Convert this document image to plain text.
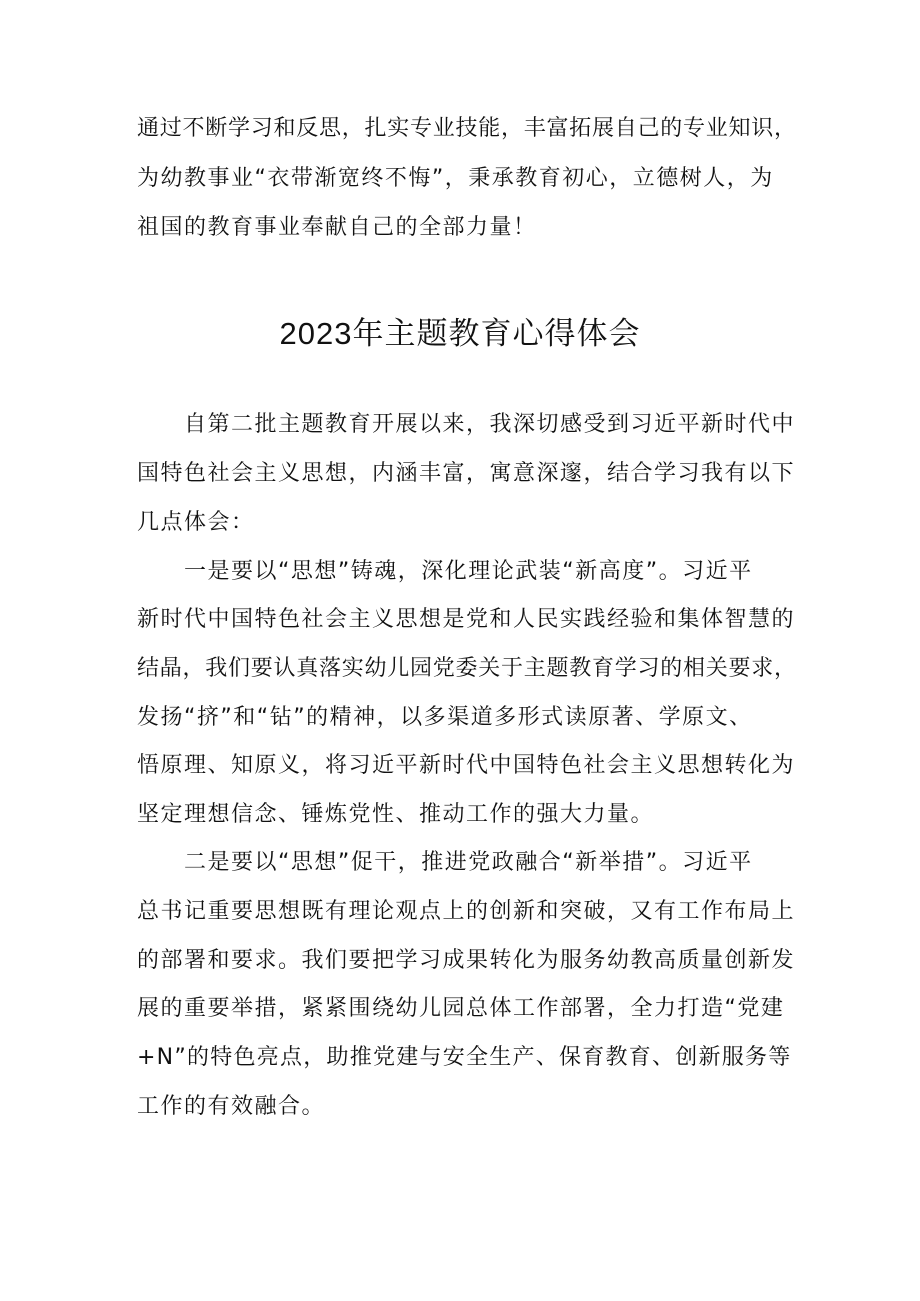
通过不断学习和反思，扎实专业技能，丰富拓展自己的专业知识，
为幼教事业“衣带渐宽终不悔”，秉承教育初心，立德树人，为
祖国的教育事业奉献自己的全部力量！
2023年主题教育心得体会
　　自第二批主题教育开展以来，我深切感受到习近平新时代中
国特色社会主义思想，内涵丰富，寓意深邃，结合学习我有以下
几点体会：
　　一是要以“思想”铸魂，深化理论武装“新高度”。习近平
新时代中国特色社会主义思想是党和人民实践经验和集体智慧的
结晶，我们要认真落实幼儿园党委关于主题教育学习的相关要求，
发扬“挤”和“钻”的精神，以多渠道多形式读原著、学原文、
悟原理、知原义，将习近平新时代中国特色社会主义思想转化为
坚定理想信念、锤炼党性、推动工作的强大力量。
　　二是要以“思想”促干，推进党政融合“新举措”。习近平
总书记重要思想既有理论观点上的创新和突破，又有工作布局上
的部署和要求。我们要把学习成果转化为服务幼教高质量创新发
展的重要举措，紧紧围绕幼儿园总体工作部署，全力打造“党建
+N”的特色亮点，助推党建与安全生产、保育教育、创新服务等
工作的有效融合。
